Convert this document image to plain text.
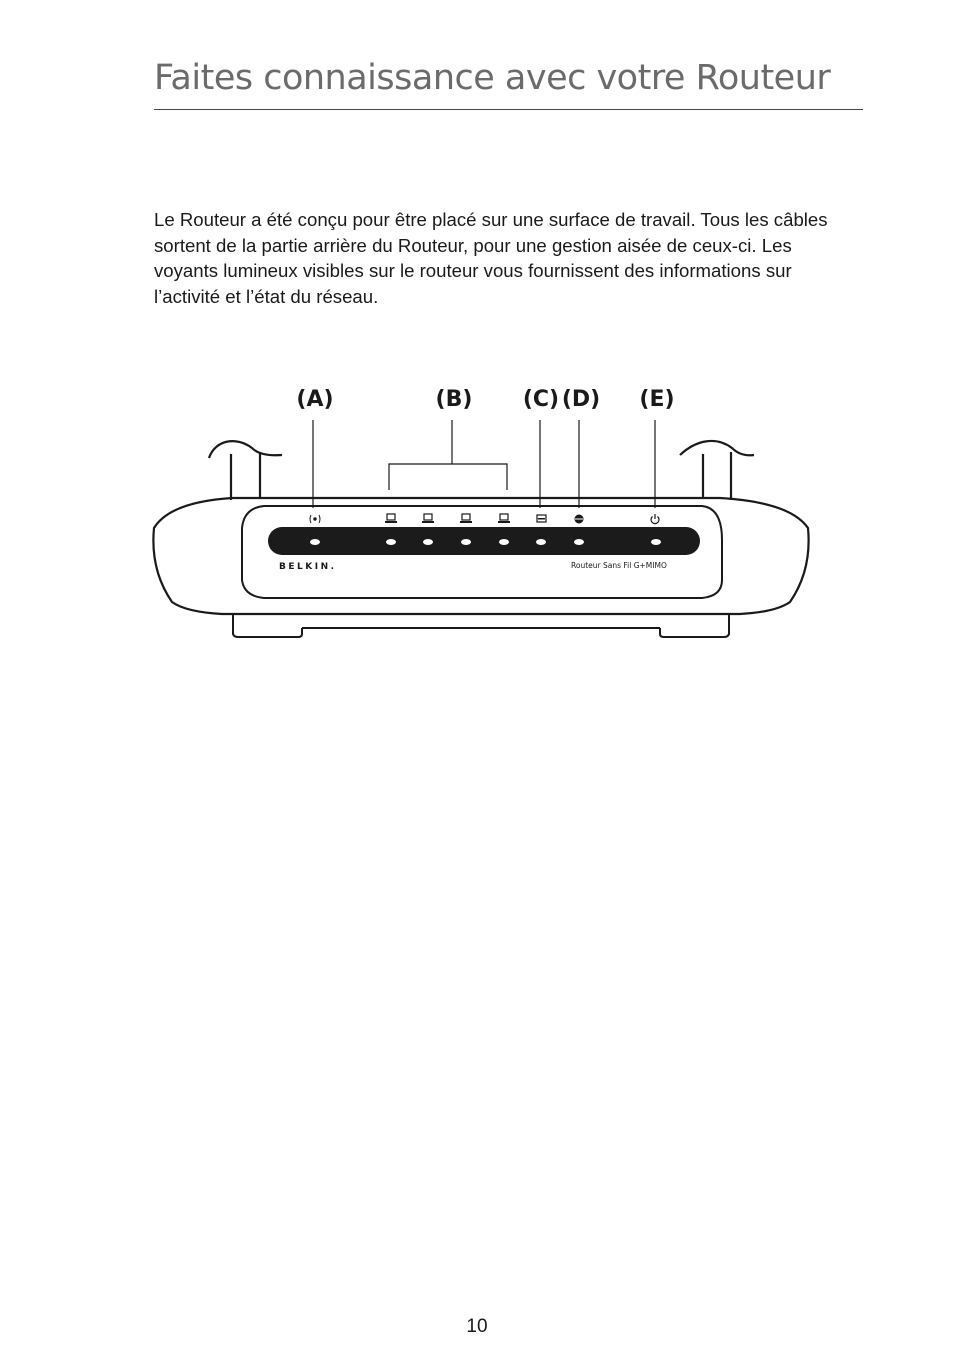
Faites connaissance avec votre Routeur

Le Routeur a été conçu pour être placé sur une surface de travail. Tous les câbles sortent de la partie arrière du Routeur, pour une gestion aisée de ceux-ci. Les voyants lumineux visibles sur le routeur vous fournissent des informations sur l’activité et l’état du réseau.

(A)	(B) (C) (D) (E)
BELKIN.	Routeur Sans Fil G+MIMO
10
